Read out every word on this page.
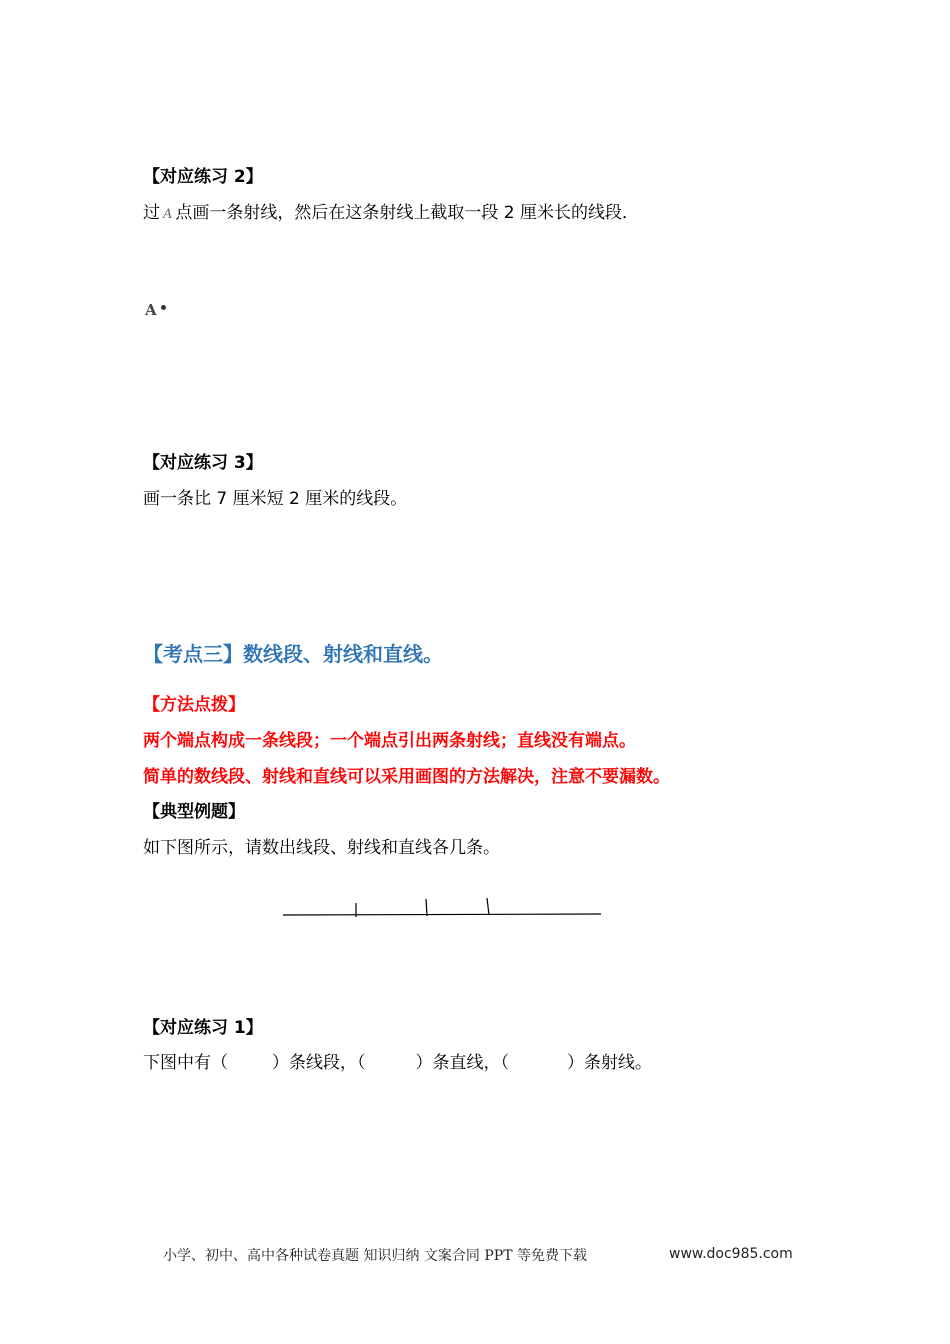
【对应练习 2】
过 A 点画一条射线，然后在这条射线上截取一段 2 厘米长的线段．
A
【对应练习 3】
画一条比 7 厘米短 2 厘米的线段。
【考点三】数线段、射线和直线。
【方法点拨】
两个端点构成一条线段；一个端点引出两条射线；直线没有端点。
简单的数线段、射线和直线可以采用画图的方法解决，注意不要漏数。
【典型例题】
如下图所示，请数出线段、射线和直线各几条。
【对应练习 1】
下图中有（	）条线段，（	）条直线，（	）条射线。
小学、初中、高中各种试卷真题 知识归纳 文案合同 PPT 等免费下载	www.doc985.com
